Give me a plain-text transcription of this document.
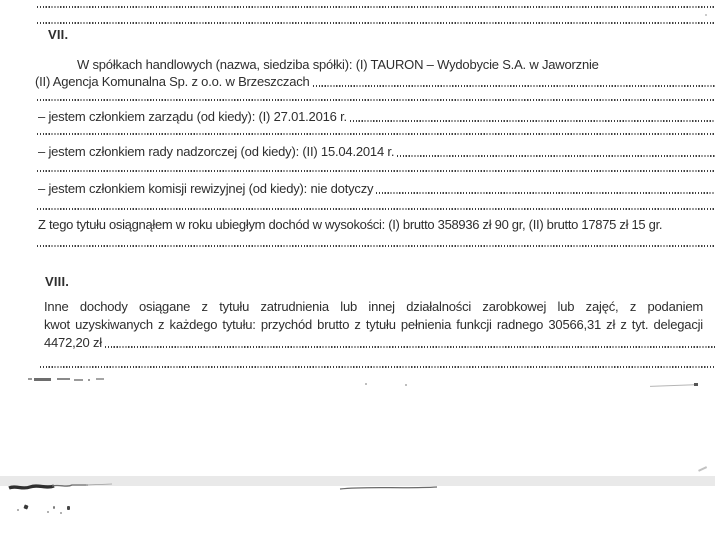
VII.
W spółkach handlowych (nazwa, siedziba spółki): (I) TAURON – Wydobycie S.A. w Jaworznie
(II) Agencja Komunalna Sp. z o.o. w Brzeszczach
– jestem członkiem zarządu (od kiedy): (I) 27.01.2016 r.
– jestem członkiem rady nadzorczej (od kiedy): (II) 15.04.2014 r.
– jestem członkiem komisji rewizyjnej (od kiedy): nie dotyczy
Z tego tytułu osiągnąłem w roku ubiegłym dochód w wysokości: (I) brutto 358936 zł 90 gr, (II) brutto 17875 zł 15 gr.
VIII.
Inne dochody osiągane z tytułu zatrudnienia lub innej działalności zarobkowej lub zajęć, z podaniem
kwot uzyskiwanych z każdego tytułu: przychód brutto z tytułu pełnienia funkcji radnego 30566,31 zł z tyt. delegacji
4472,20 zł
